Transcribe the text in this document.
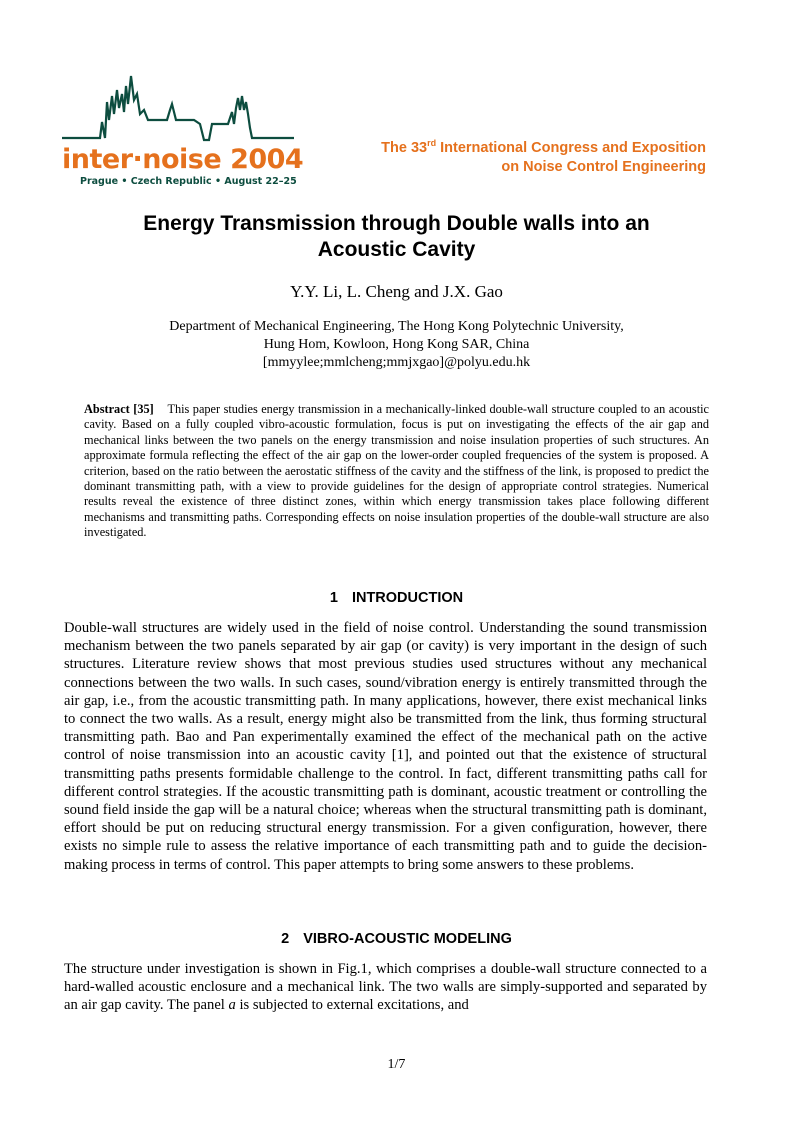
inter·noise 2004
Prague • Czech Republic • August 22–25
The 33rd International Congress and Exposition
on Noise Control Engineering
Energy Transmission through Double walls into an
Acoustic Cavity
Y.Y. Li, L. Cheng and J.X. Gao
Department of Mechanical Engineering, The Hong Kong Polytechnic University,
Hung Hom, Kowloon, Hong Kong SAR, China
[mmyylee;mmlcheng;mmjxgao]@polyu.edu.hk
Abstract [35] This paper studies energy transmission in a mechanically-linked double-wall structure coupled to an acoustic cavity. Based on a fully coupled vibro-acoustic formulation, focus is put on investigating the effects of the air gap and mechanical links between the two panels on the energy transmission and noise insulation properties of such structures. An approximate formula reflecting the effect of the air gap on the lower-order coupled frequencies of the system is proposed. A criterion, based on the ratio between the aerostatic stiffness of the cavity and the stiffness of the link, is proposed to predict the dominant transmitting path, with a view to provide guidelines for the design of appropriate control strategies. Numerical results reveal the existence of three distinct zones, within which energy transmission takes place following different mechanisms and transmitting paths. Corresponding effects on noise insulation properties of the double-wall structure are also investigated.
1 INTRODUCTION
Double-wall structures are widely used in the field of noise control. Understanding the sound transmission mechanism between the two panels separated by air gap (or cavity) is very important in the design of such structures. Literature review shows that most previous studies used structures without any mechanical connections between the two walls. In such cases, sound/vibration energy is entirely transmitted through the air gap, i.e., from the acoustic transmitting path. In many applications, however, there exist mechanical links to connect the two walls. As a result, energy might also be transmitted from the link, thus forming structural transmitting path. Bao and Pan experimentally examined the effect of the mechanical path on the active control of noise transmission into an acoustic cavity [1], and pointed out that the existence of structural transmitting paths presents formidable challenge to the control. In fact, different transmitting paths call for different control strategies. If the acoustic transmitting path is dominant, acoustic treatment or controlling the sound field inside the gap will be a natural choice; whereas when the structural transmitting path is dominant, effort should be put on reducing structural energy transmission. For a given configuration, however, there exists no simple rule to assess the relative importance of each transmitting path and to guide the decision-making process in terms of control. This paper attempts to bring some answers to these problems.
2 VIBRO-ACOUSTIC MODELING
The structure under investigation is shown in Fig.1, which comprises a double-wall structure connected to a hard-walled acoustic enclosure and a mechanical link. The two walls are simply-supported and separated by an air gap cavity. The panel a is subjected to external excitations, and
1/7
